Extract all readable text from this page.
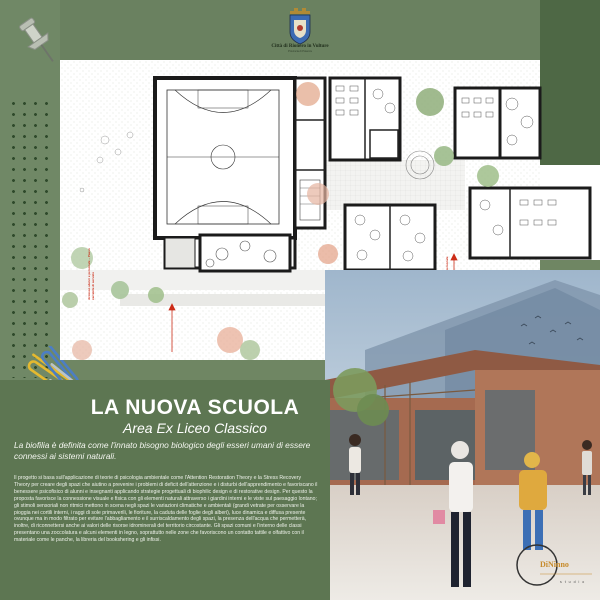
Città di Rionero in Vulture
Provincia di Potenza
Accesso alunni e personale – Passo carrabile di servizio
LA NUOVA SCUOLA
Area Ex Liceo Classico
La biofilia è definita come l'innato bisogno biologico degli esseri umani di essere connessi ai sistemi naturali.
Il progetto si basa sull'applicazione di teorie di psicologia ambientale come l'Attention Restoration Theory e la Stress Recovery Theory per creare degli spazi che aiutino a prevenire i problemi di deficit dell'attenzione e i disturbi dell'apprendimento e favoriscano il benessere psicofisico di alunni e insegnanti applicando strategie progettuali di biophilic design e di restorative design. Per questo la proposta favorisce la connessione visuale e fisica con gli elementi naturali attraverso i giardini interni e le viste sul paesaggio lontano; gli stimoli sensoriali non ritmici mettono in scena negli spazi le variazioni climatiche e ambientali (grandi vetrate per osservare la pioggia nei cortili interni, i raggi di sole primaverili, le fioriture, la caduta delle foglie degli alberi), luce dinamica e diffusa presente ovunque ma in modo filtrato per evitare l'abbagliamento e il surriscaldamento degli spazi, la presenza dell'acqua che permetterà, inoltre, di riconnettersi anche ai valori delle risorse idrominerali del territorio circostante. Gli spazi comuni e l'interno delle classi presentano una zoccolatura e alcuni elementi in legno, soprattutto nelle zone che favoriscono un contatto tattile e olfattivo con il materiale come le panche, la libreria del bookshering e gli infissi.
DiNinno
s t u d i o
